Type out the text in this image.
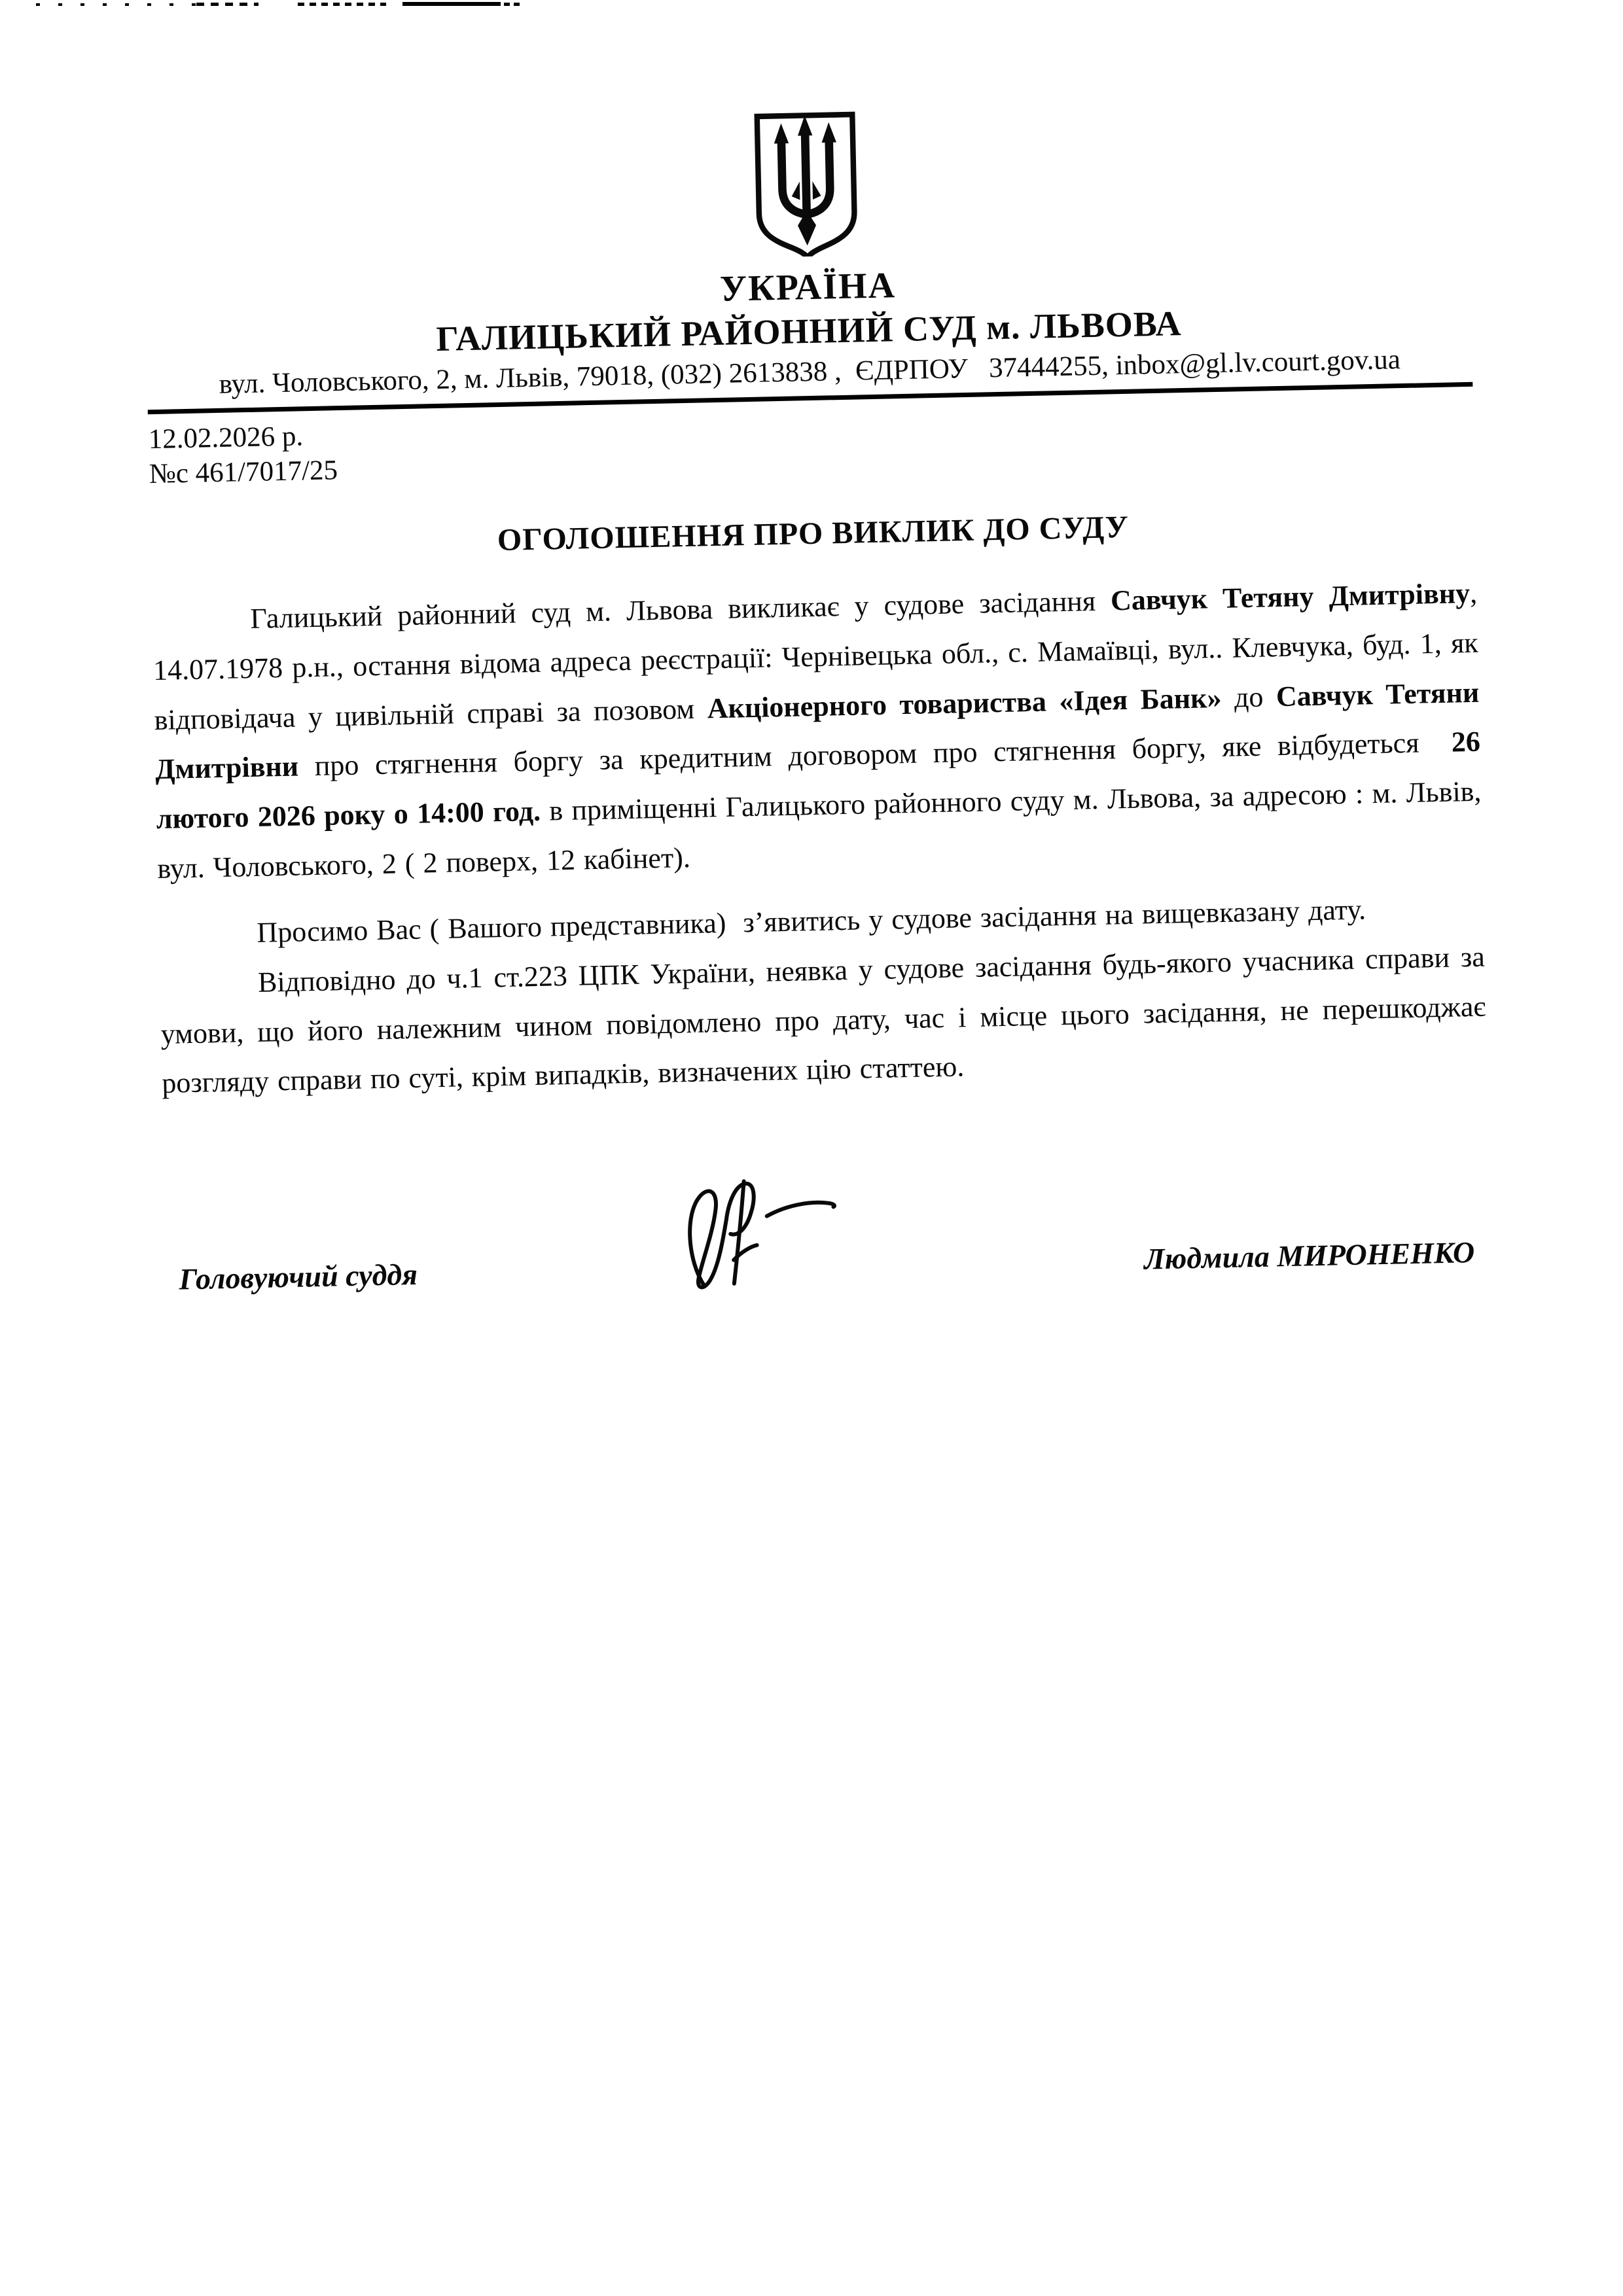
УКРАЇНА
ГАЛИЦЬКИЙ РАЙОННИЙ СУД м. ЛЬВОВА
вул. Чоловського, 2, м. Львів, 79018, (032) 2613838 ,  ЄДРПОУ   37444255, inbox@gl.lv.court.gov.ua
12.02.2026 р.
№с 461/7017/25
ОГОЛОШЕННЯ ПРО ВИКЛИК ДО СУДУ

Галицький районний суд м. Львова викликає у судове засідання Савчук Тетяну Дмитрівну, 14.07.1978 р.н., остання відома адреса реєстрації: Чернівецька обл., с. Мамаївці, вул.. Клевчука, буд. 1, як відповідача у цивільній справі за позовом Акціонерного товариства «Ідея Банк» до Савчук Тетяни Дмитрівни про стягнення боргу за кредитним договором про стягнення боргу, яке відбудеться  26 лютого 2026 року о 14:00 год. в приміщенні Галицького районного суду м. Львова, за адресою : м. Львів, вул. Чоловського, 2 ( 2 поверх, 12 кабінет).

Просимо Вас ( Вашого представника)  з’явитись у судове засідання на вищевказану дату.

Відповідно до ч.1 ст.223 ЦПК України, неявка у судове засідання будь-якого учасника справи за умови, що його належним чином повідомлено про дату, час і місце цього засідання, не перешкоджає розгляду справи по суті, крім випадків, визначених цію статтею.

Головуючий суддя
Людмила МИРОНЕНКО
